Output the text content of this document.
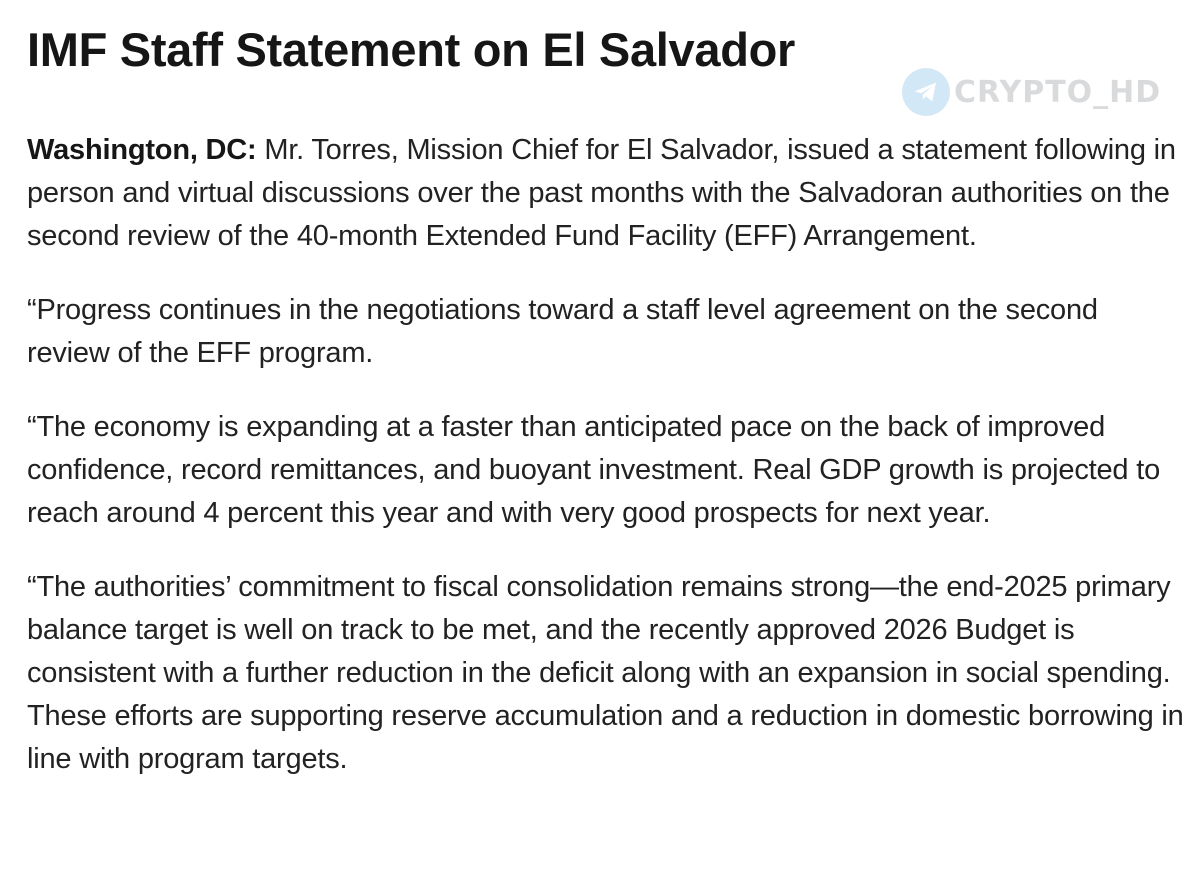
IMF Staff Statement on El Salvador

Washington, DC: Mr. Torres, Mission Chief for El Salvador, issued a statement following in person and virtual discussions over the past months with the Salvadoran authorities on the second review of the 40-month Extended Fund Facility (EFF) Arrangement.

“Progress continues in the negotiations toward a staff level agreement on the second review of the EFF program.

“The economy is expanding at a faster than anticipated pace on the back of improved confidence, record remittances, and buoyant investment. Real GDP growth is projected to reach around 4 percent this year and with very good prospects for next year.

“The authorities’ commitment to fiscal consolidation remains strong—the end-2025 primary balance target is well on track to be met, and the recently approved 2026 Budget is consistent with a further reduction in the deficit along with an expansion in social spending. These efforts are supporting reserve accumulation and a reduction in domestic borrowing in line with program targets.

CRYPTO_HD
